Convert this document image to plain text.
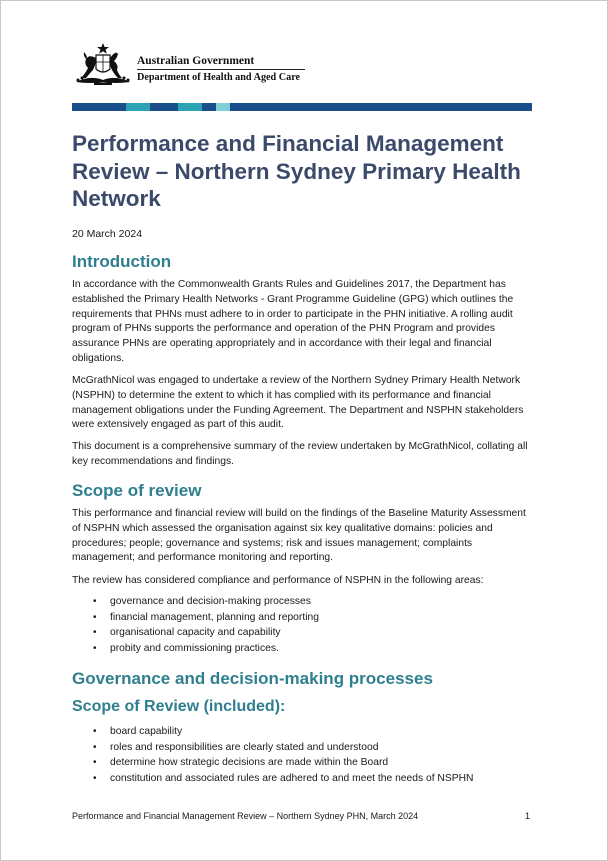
Australian Government
Department of Health and Aged Care
Performance and Financial Management Review – Northern Sydney Primary Health Network
20 March 2024
Introduction

In accordance with the Commonwealth Grants Rules and Guidelines 2017, the Department has established the Primary Health Networks - Grant Programme Guideline (GPG) which outlines the requirements that PHNs must adhere to in order to participate in the PHN initiative. A rolling audit program of PHNs supports the performance and operation of the PHN Program and provides assurance PHNs are operating appropriately and in accordance with their legal and financial obligations.

McGrathNicol was engaged to undertake a review of the Northern Sydney Primary Health Network (NSPHN) to determine the extent to which it has complied with its performance and financial management obligations under the Funding Agreement. The Department and NSPHN stakeholders were extensively engaged as part of this audit.

This document is a comprehensive summary of the review undertaken by McGrathNicol, collating all key recommendations and findings.

Scope of review

This performance and financial review will build on the findings of the Baseline Maturity Assessment of NSPHN which assessed the organisation against six key qualitative domains: policies and procedures; people; governance and systems; risk and issues management; complaints management; and performance monitoring and reporting.

The review has considered compliance and performance of NSPHN in the following areas:

• governance and decision-making processes
• financial management, planning and reporting
• organisational capacity and capability
• probity and commissioning practices.
Governance and decision-making processes
Scope of Review (included):
• board capability
• roles and responsibilities are clearly stated and understood
• determine how strategic decisions are made within the Board
• constitution and associated rules are adhered to and meet the needs of NSPHN
Performance and Financial Management Review – Northern Sydney PHN, March 2024	1
